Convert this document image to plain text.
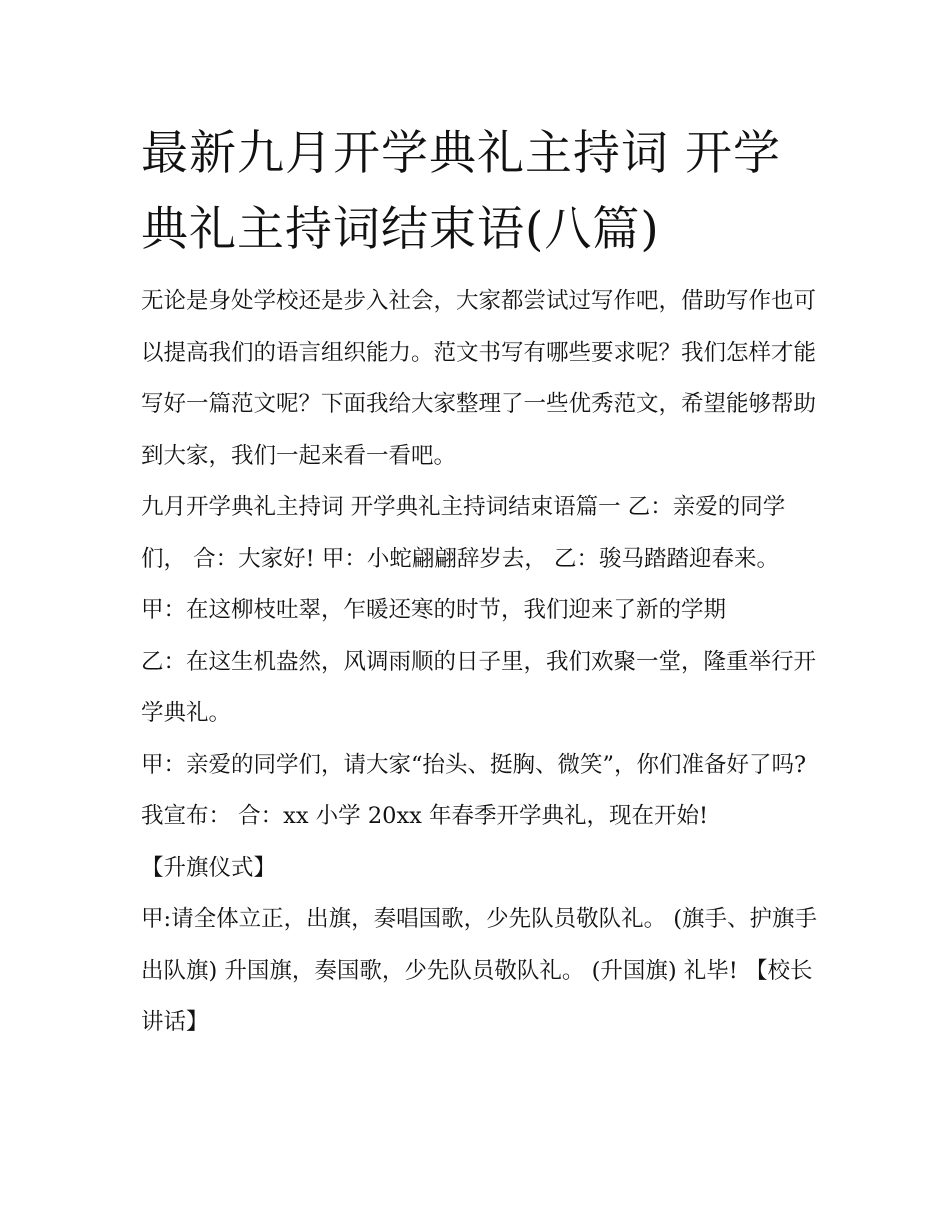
最新九月开学典礼主持词 开学典礼主持词结束语(八篇)

无论是身处学校还是步入社会，大家都尝试过写作吧，借助写作也可以提高我们的语言组织能力。范文书写有哪些要求呢？我们怎样才能写好一篇范文呢？下面我给大家整理了一些优秀范文，希望能够帮助到大家，我们一起来看一看吧。

九月开学典礼主持词 开学典礼主持词结束语篇一 乙：亲爱的同学们， 合：大家好! 甲：小蛇翩翩辞岁去， 乙：骏马踏踏迎春来。

甲：在这柳枝吐翠，乍暖还寒的时节，我们迎来了新的学期

乙：在这生机盎然，风调雨顺的日子里，我们欢聚一堂，隆重举行开学典礼。

甲：亲爱的同学们，请大家“抬头、挺胸、微笑”，你们准备好了吗?我宣布： 合：xx 小学 20xx 年春季开学典礼，现在开始!

【升旗仪式】

甲:请全体立正，出旗，奏唱国歌，少先队员敬队礼。 (旗手、护旗手出队旗) 升国旗，奏国歌，少先队员敬队礼。 (升国旗) 礼毕! 【校长讲话】
